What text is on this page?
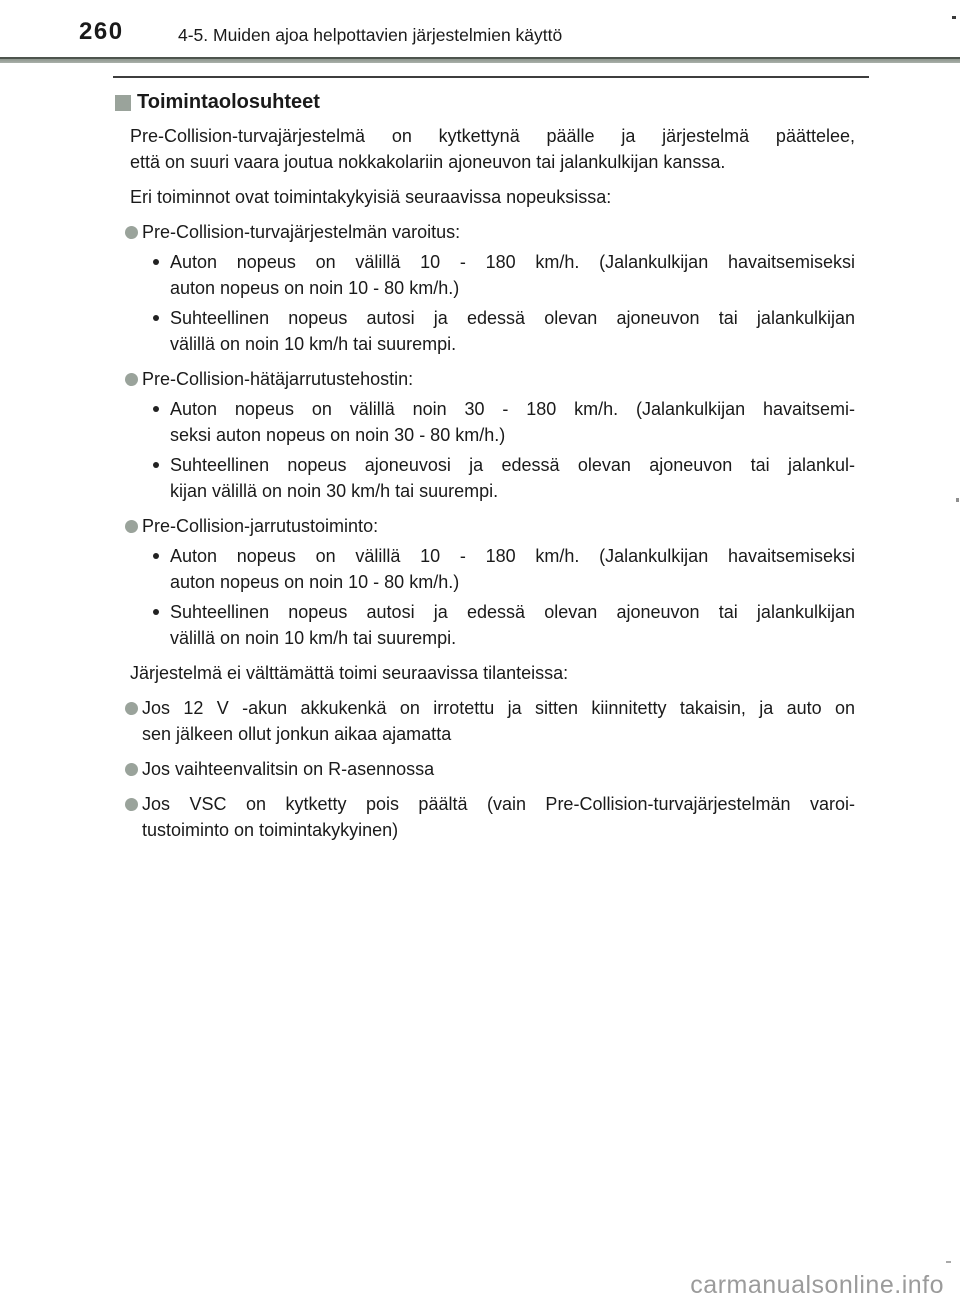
260	4-5. Muiden ajoa helpottavien järjestelmien käyttö
Toimintaolosuhteet
Pre-Collision-turvajärjestelmä on kytkettynä päälle ja järjestelmä päättelee,
että on suuri vaara joutua nokkakolariin ajoneuvon tai jalankulkijan kanssa.
Eri toiminnot ovat toimintakykyisiä seuraavissa nopeuksissa:
Pre-Collision-turvajärjestelmän varoitus:
Auton nopeus on välillä 10 - 180 km/h. (Jalankulkijan havaitsemiseksi
auton nopeus on noin 10 - 80 km/h.)
Suhteellinen nopeus autosi ja edessä olevan ajoneuvon tai jalankulkijan
välillä on noin 10 km/h tai suurempi.
Pre-Collision-hätäjarrutustehostin:
Auton nopeus on välillä noin 30 - 180 km/h. (Jalankulkijan havaitsemi-
seksi auton nopeus on noin 30 - 80 km/h.)
Suhteellinen nopeus ajoneuvosi ja edessä olevan ajoneuvon tai jalankul-
kijan välillä on noin 30 km/h tai suurempi.
Pre-Collision-jarrutustoiminto:
Auton nopeus on välillä 10 - 180 km/h. (Jalankulkijan havaitsemiseksi
auton nopeus on noin 10 - 80 km/h.)
Suhteellinen nopeus autosi ja edessä olevan ajoneuvon tai jalankulkijan
välillä on noin 10 km/h tai suurempi.
Järjestelmä ei välttämättä toimi seuraavissa tilanteissa:
Jos 12 V -akun akkukenkä on irrotettu ja sitten kiinnitetty takaisin, ja auto on
sen jälkeen ollut jonkun aikaa ajamatta
Jos vaihteenvalitsin on R-asennossa
Jos VSC on kytketty pois päältä (vain Pre-Collision-turvajärjestelmän varoi-
tustoiminto on toimintakykyinen)
carmanualsonline.info
